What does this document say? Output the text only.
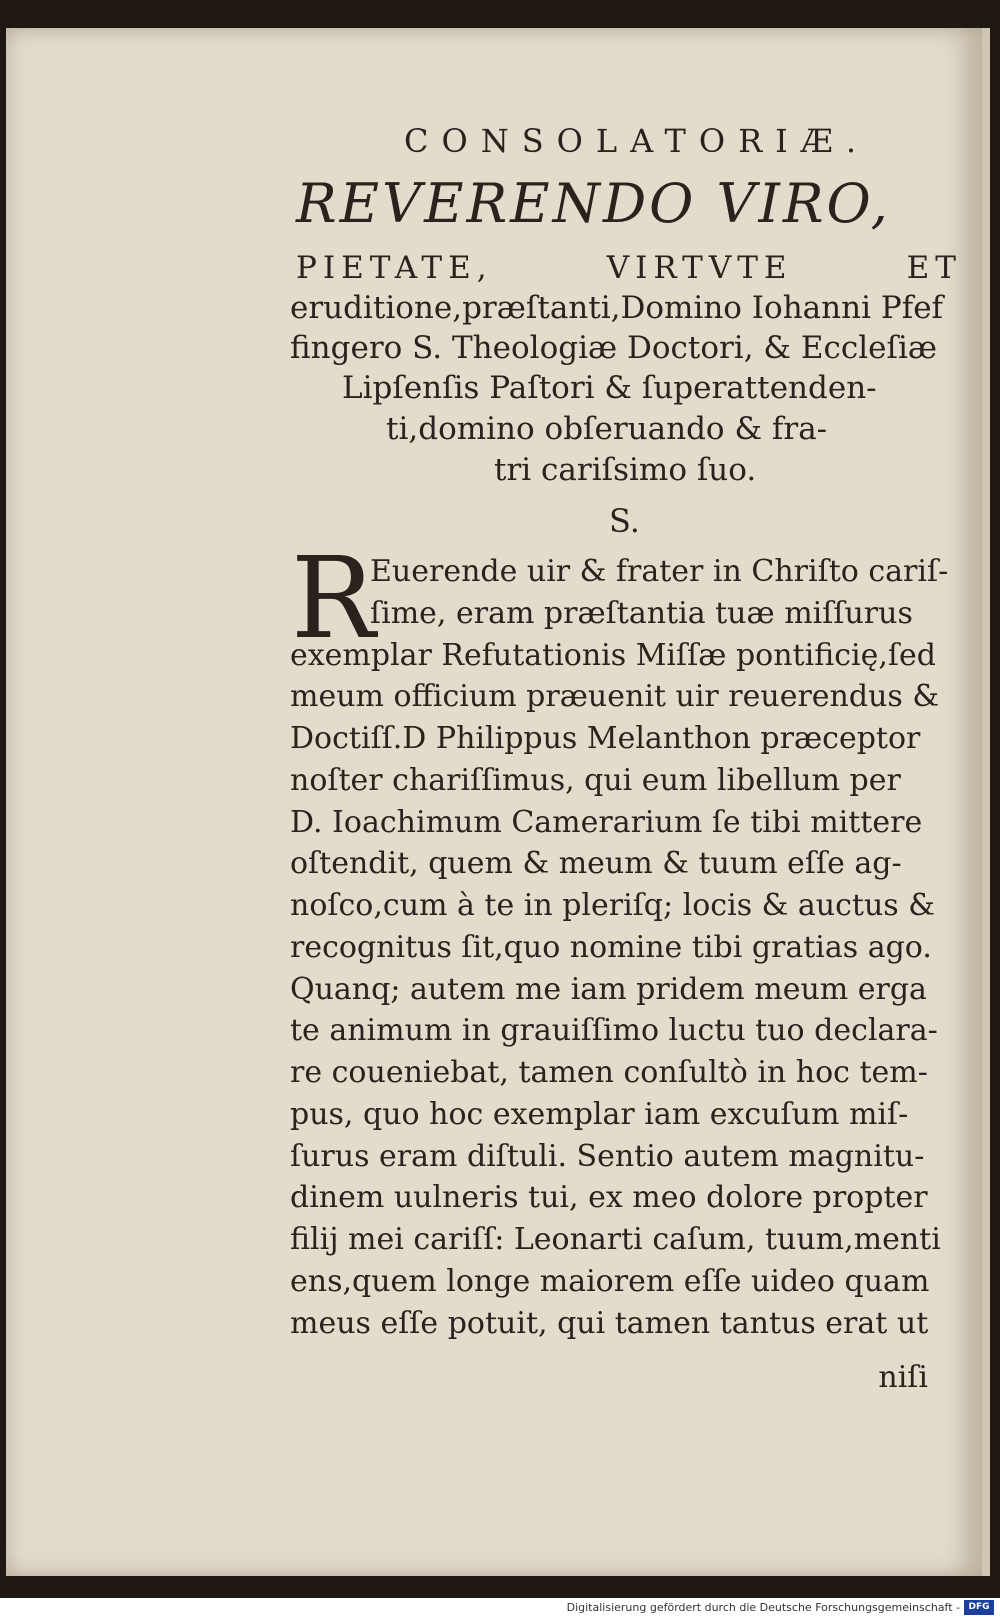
CONSOLATORIÆ.
REVERENDO VIRO,
PIETATE,	VIRTVTE	ET
eruditione,præſtanti,Domino Iohanni Pfef
fingero S. Theologiæ Doctori, & Eccleſiæ
Lipſenſis Paſtori & ſuperattenden-
ti,domino obſeruando & fra-
tri cariſsimo ſuo.
S.
R
Euerende uir & frater in Chriſto cariſ-
ſime, eram præſtantia tuæ miſſurus
exemplar Refutationis Miſſæ pontificię,ſed
meum officium præuenit uir reuerendus &
Doctiſſ.D Philippus Melanthon præceptor
noſter chariſſimus, qui eum libellum per
D. Ioachimum Camerarium ſe tibi mittere
oſtendit, quem & meum & tuum eſſe ag-
noſco,cum à te in pleriſq; locis & auctus &
recognitus ſit,quo nomine tibi gratias ago.
Quanq; autem me iam pridem meum erga
te animum in grauiſſimo luctu tuo declara-
re coueniebat, tamen conſultò in hoc tem-
pus, quo hoc exemplar iam excuſum miſ-
ſurus eram diſtuli. Sentio autem magnitu-
dinem uulneris tui, ex meo dolore propter
filij mei cariſſ: Leonarti caſum, tuum,menti
ens,quem longe maiorem eſſe uideo quam
meus eſſe potuit, qui tamen tantus erat ut
niſi
Digitalisierung gefördert durch die Deutsche Forschungsgemeinschaft - DFG
